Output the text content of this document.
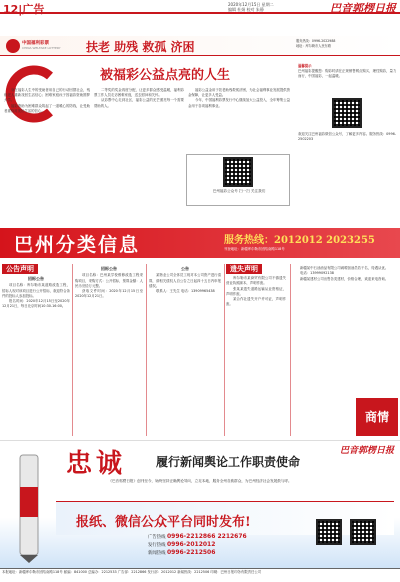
12|广告	2020年12月15日 星期二
编辑 杜娟 校对 朱静	巴音郭楞日报
中国福利彩票
CHINA WELFARE LOTTERY 扶老 助残 救孤 济困	服务热线：0996-2022988
地址：库尔勒市人民东路
被福彩公益点亮的人生

身在福彩人生中的受助者用自己的行动回馈社会，残疾老人重新找回生活信心；困难家庭孩子因福彩资助圆梦大学。

福彩资助为困难群众筑起了一道暖心的防线，让受助者重拾对美好生活的信心。

二等奖的奖金再度分配，让更多群众感受温暖，福利彩票工作人员走访困难家庭，送去慰问和关怀。

从彩票中心走到社区，福彩公益的光芒照亮每一个需要帮助的人。

福彩公益金用于扶老助残救孤济困，为社会福利事业发展提供资金保障，让更多人受益。

今年，中国福利彩票发行中心继续加大公益投入，全年筹集公益金用于各项福利事业。

巴州福彩公众号 扫一扫 关注我们
温馨提示
巴州福彩提醒您：购彩时请在正规销售网点购买，理性购彩，量力而行，中国福彩，一起温暖。
欢迎关注巴州福彩微信公众号，了解更多内容。服务热线：0996-2502203
巴州分类信息	服务热线：2012012 2023255
刊登地址：新疆库尔勒市团结南路118号
公告声明
招标公告

项目名称：库尔勒市某道路改造工程，招标人现对该项目进行公开招标，欢迎符合条件的投标人参加投标。

报名时间：2020年12月15日至2020年12月21日，每日北京时间10:30-16:00。

招标公告

项目名称：巴州某学校维修改造工程采购项目，采购方式：公开招标，预算金额：人民币叁拾万元整。

获取文件时间：2020年12月15日至2020年12月21日。

公告

某物业公司全体员工现对本公司资产进行清算，请相关债权人自公告之日起四十五日内申报债权。

联系人：王先生 电话：13909965438

遗失声明

库尔勒市某商贸有限公司不慎遗失营业执照副本，声明作废。

张某某遗失道路运输从业资格证，声明作废。

某合作社遗失开户许可证，声明作废。

新疆某中石油油品有限公司诚聘加油员若干名，待遇从优。

电话：13999092138

新疆某建材公司出售各类建材，价格合理，欢迎来电咨询。

商情
忠诚 履行新闻舆论工作职责使命
巴音郭楞日报
《巴音郭楞日报》创刊至今，始终坚持正确舆论导向，立足本地，服务全州各族群众，为巴州经济社会发展鼓与呼。
报纸、微信公众平台同时发布!
广告热线 0996-2212866 2212676
发行热线 0996-2012012
新闻热线 0996-2212506
本报地址：新疆库尔勒市团结南路118号 邮编：841000 总编办：2212533 广告部：2212866 发行部：2012012 新闻热线：2212506 印刷：巴州日报印务有限责任公司
